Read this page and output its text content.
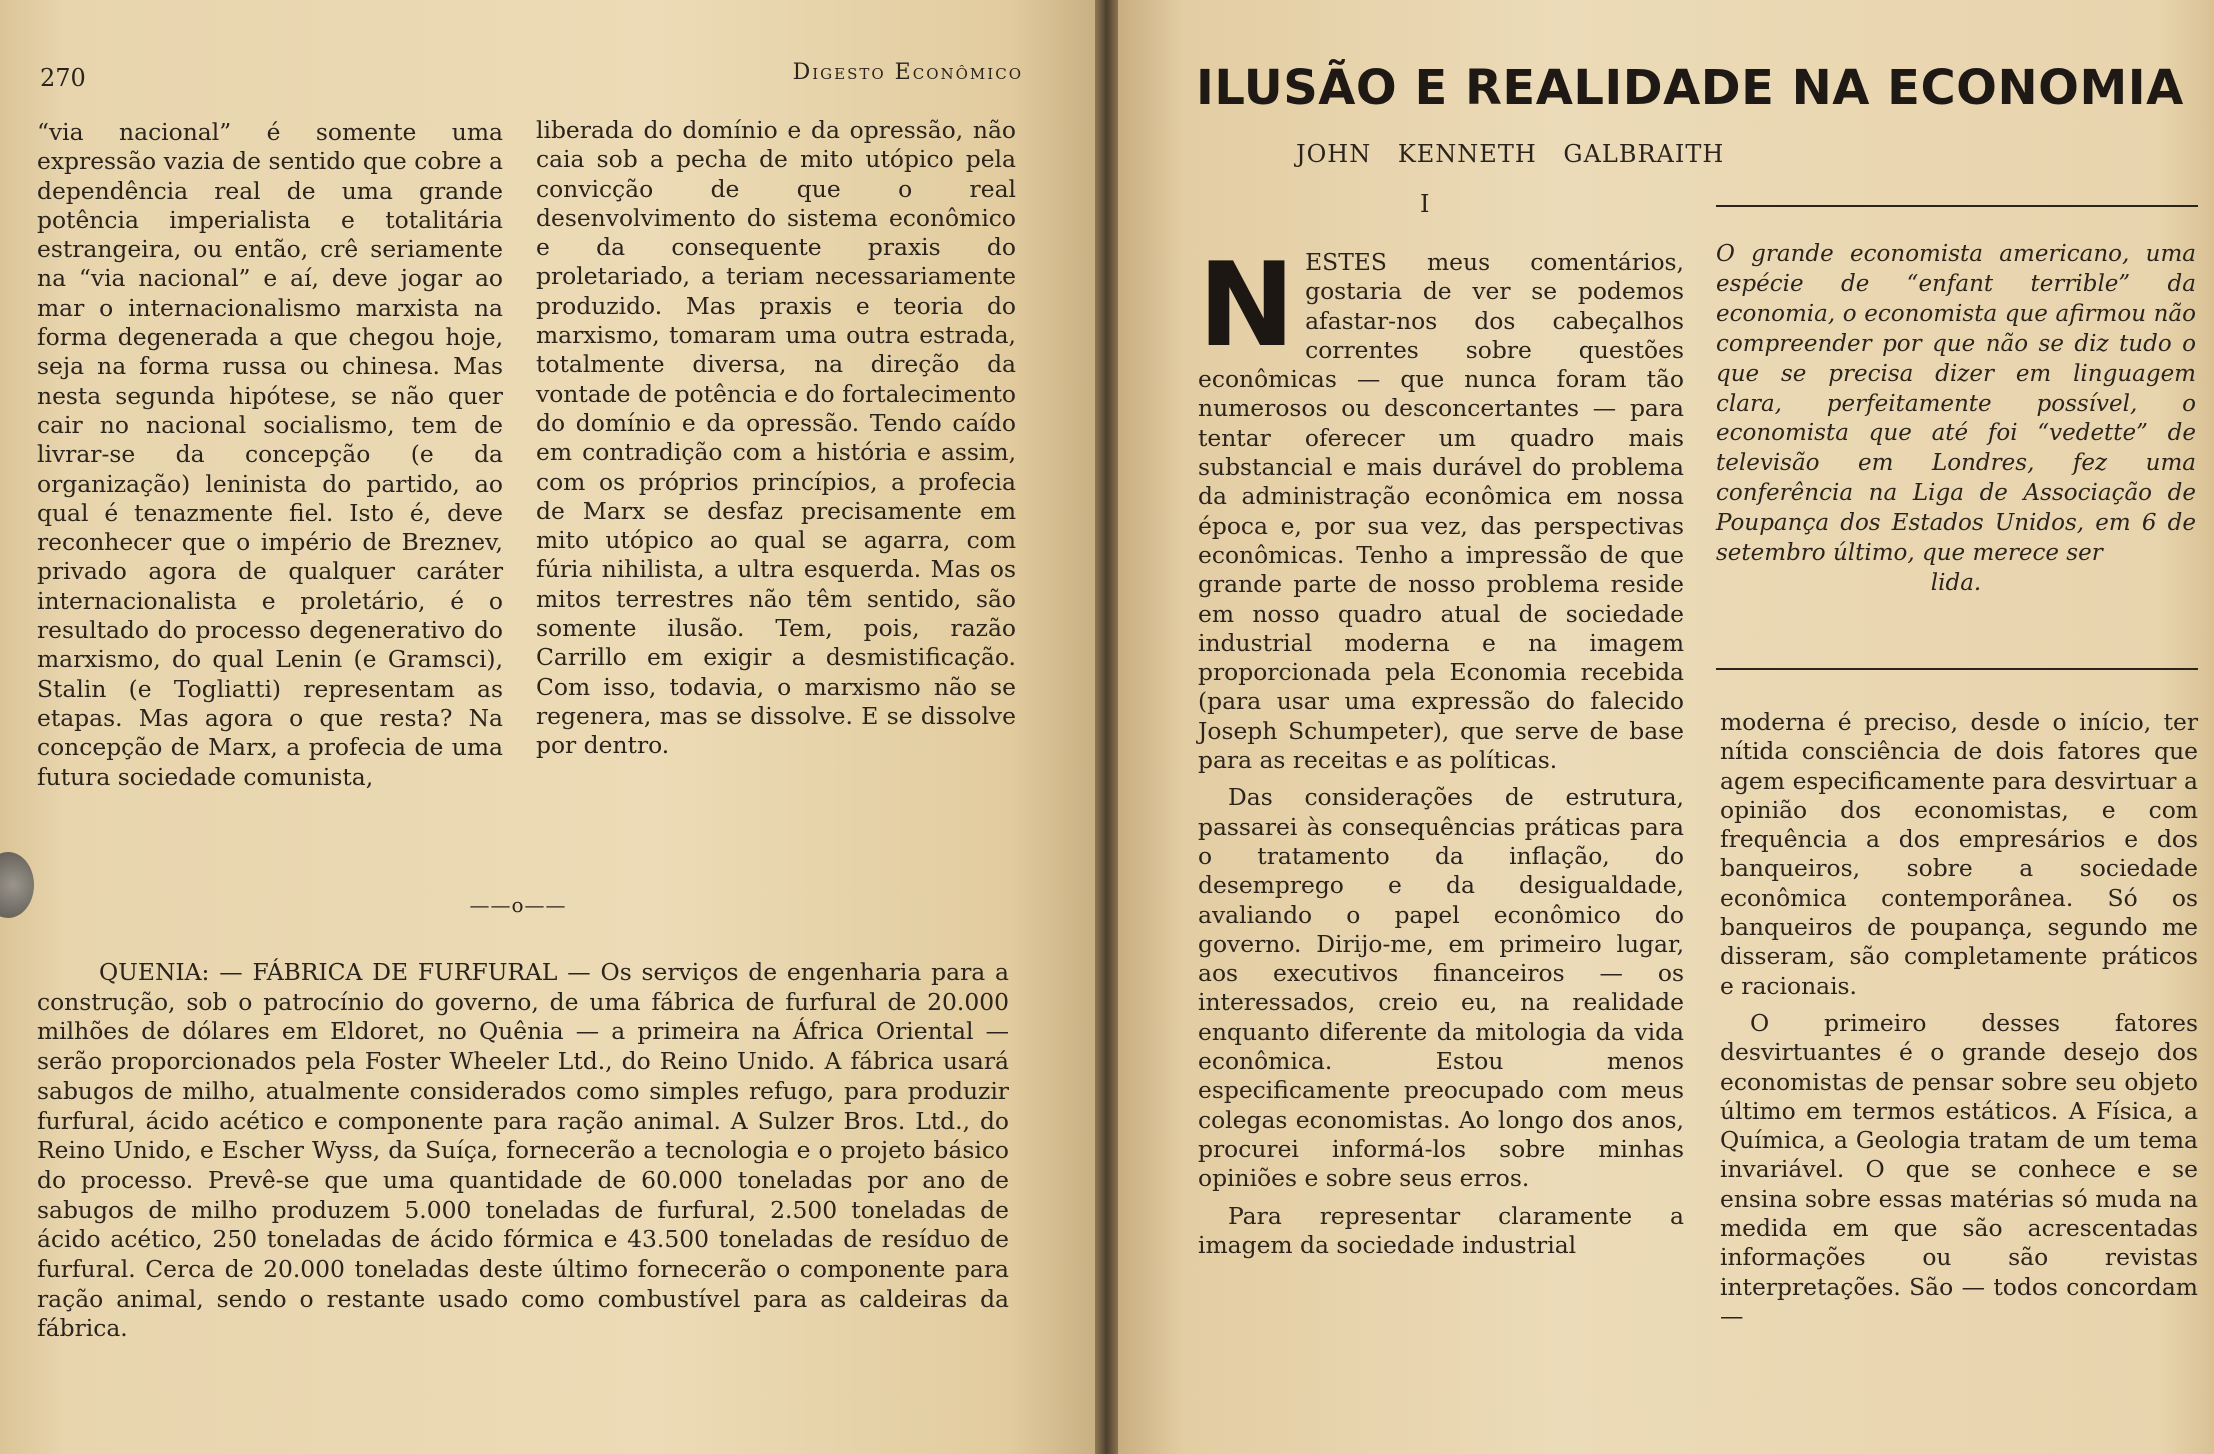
270	Digesto Econômico

“via nacional” é somente uma expressão vazia de sentido que cobre a dependência real de uma grande potência imperialista e totalitária estrangeira, ou então, crê seriamente na “via nacional” e aí, deve jogar ao mar o internacionalismo marxista na forma degenerada a que chegou hoje, seja na forma russa ou chinesa. Mas nesta segunda hipótese, se não quer cair no nacional socialismo, tem de livrar-se da concepção (e da organização) leninista do partido, ao qual é tenazmente fiel. Isto é, deve reconhecer que o império de Breznev, privado agora de qualquer caráter internacionalista e proletário, é o resultado do processo degenerativo do marxismo, do qual Lenin (e Gramsci), Stalin (e Togliatti) representam as etapas. Mas agora o que resta? Na concepção de Marx, a profecia de uma futura sociedade comunista,

liberada do domínio e da opressão, não caia sob a pecha de mito utópico pela convicção de que o real desenvolvimento do sistema econômico e da consequente praxis do proletariado, a teriam necessariamente produzido. Mas praxis e teoria do marxismo, tomaram uma outra estrada, totalmente diversa, na direção da vontade de potência e do fortalecimento do domínio e da opressão. Tendo caído em contradição com a história e assim, com os próprios princípios, a profecia de Marx se desfaz precisamente em mito utópico ao qual se agarra, com fúria nihilista, a ultra esquerda. Mas os mitos terrestres não têm sentido, são somente ilusão. Tem, pois, razão Carrillo em exigir a desmistificação. Com isso, todavia, o marxismo não se regenera, mas se dissolve. E se dissolve por dentro.

——o——

QUENIA: — FÁBRICA DE FURFURAL — Os serviços de engenharia para a construção, sob o patrocínio do governo, de uma fábrica de furfural de 20.000 milhões de dólares em Eldoret, no Quênia — a primeira na África Oriental — serão proporcionados pela Foster Wheeler Ltd., do Reino Unido. A fábrica usará sabugos de milho, atualmente considerados como simples refugo, para produzir furfural, ácido acético e componente para ração animal. A Sulzer Bros. Ltd., do Reino Unido, e Escher Wyss, da Suíça, fornecerão a tecnologia e o projeto básico do processo. Prevê-se que uma quantidade de 60.000 toneladas por ano de sabugos de milho produzem 5.000 toneladas de furfural, 2.500 toneladas de ácido acético, 250 toneladas de ácido fórmica e 43.500 toneladas de resíduo de furfural. Cerca de 20.000 toneladas deste último fornecerão o componente para ração animal, sendo o restante usado como combustível para as caldeiras da fábrica.

ILUSÃO E REALIDADE NA ECONOMIA

JOHN KENNETH GALBRAITH

I

NESTES meus comentários, gostaria de ver se podemos afastar-nos dos cabeçalhos correntes sobre questões econômicas — que nunca foram tão numerosos ou desconcertantes — para tentar oferecer um quadro mais substancial e mais durável do problema da administração econômica em nossa época e, por sua vez, das perspectivas econômicas. Tenho a impressão de que grande parte de nosso problema reside em nosso quadro atual de sociedade industrial moderna e na imagem proporcionada pela Economia recebida (para usar uma expressão do falecido Joseph Schumpeter), que serve de base para as receitas e as políticas.

Das considerações de estrutura, passarei às consequências práticas para o tratamento da inflação, do desemprego e da desigualdade, avaliando o papel econômico do governo. Dirijo-me, em primeiro lugar, aos executivos financeiros — os interessados, creio eu, na realidade enquanto diferente da mitologia da vida econômica. Estou menos especificamente preocupado com meus colegas economistas. Ao longo dos anos, procurei informá-los sobre minhas opiniões e sobre seus erros.

Para representar claramente a imagem da sociedade industrial

O grande economista americano, uma espécie de “enfant terrible” da economia, o economista que afirmou não compreender por que não se diz tudo o que se precisa dizer em linguagem clara, perfeitamente possível, o economista que até foi “vedette” de televisão em Londres, fez uma conferência na Liga de Associação de Poupança dos Estados Unidos, em 6 de setembro último, que merece ser
lida.

moderna é preciso, desde o início, ter nítida consciência de dois fatores que agem especificamente para desvirtuar a opinião dos economistas, e com frequência a dos empresários e dos banqueiros, sobre a sociedade econômica contemporânea. Só os banqueiros de poupança, segundo me disseram, são completamente práticos e racionais.

O primeiro desses fatores desvirtuantes é o grande desejo dos economistas de pensar sobre seu objeto último em termos estáticos. A Física, a Química, a Geologia tratam de um tema invariável. O que se conhece e se ensina sobre essas matérias só muda na medida em que são acrescentadas informações ou são revistas interpretações. São — todos concordam —
